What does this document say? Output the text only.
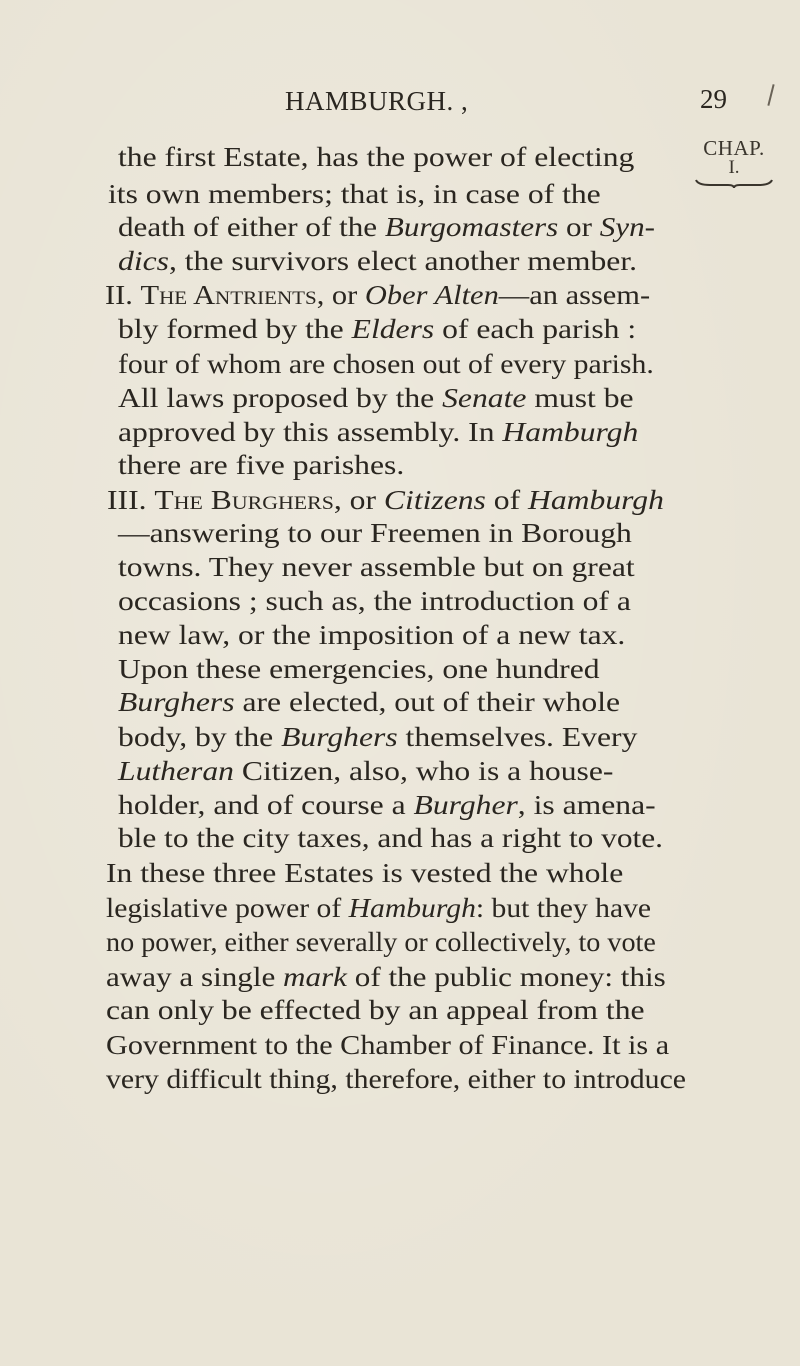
HAMBURGH. ,	29
CHAP.
I.
the first Estate, has the power of electing
its own members; that is, in case of the
death of either of the Burgomasters or Syn-
dics, the survivors elect another member.
II. The Antrients, or Ober Alten—an assem-
bly formed by the Elders of each parish :
four of whom are chosen out of every parish.
All laws proposed by the Senate must be
approved by this assembly. In Hamburgh
there are five parishes.
III. The Burghers, or Citizens of Hamburgh
—answering to our Freemen in Borough
towns. They never assemble but on great
occasions ; such as, the introduction of a
new law, or the imposition of a new tax.
Upon these emergencies, one hundred
Burghers are elected, out of their whole
body, by the Burghers themselves. Every
Lutheran Citizen, also, who is a house-
holder, and of course a Burgher, is amena-
ble to the city taxes, and has a right to vote.
In these three Estates is vested the whole
legislative power of Hamburgh: but they have
no power, either severally or collectively, to vote
away a single mark of the public money: this
can only be effected by an appeal from the
Government to the Chamber of Finance. It is a
very difficult thing, therefore, either to introduce
